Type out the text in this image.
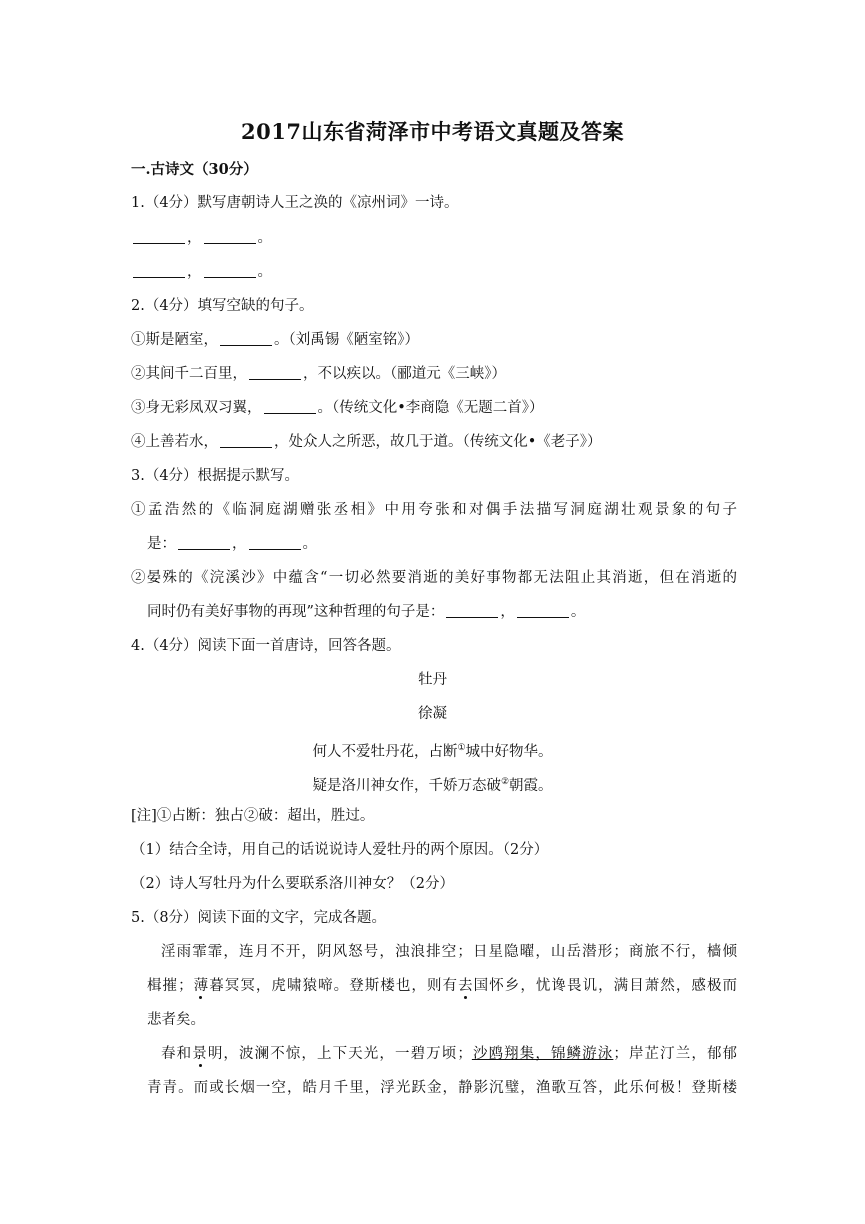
2017山东省菏泽市中考语文真题及答案
一.古诗文（30分）
1.（4分）默写唐朝诗人王之涣的《凉州词》一诗。
，	。
，	。
2.（4分）填写空缺的句子。
①斯是陋室，	。（刘禹锡《陋室铭》）
②其间千二百里，	，不以疾以。（郦道元《三峡》）
③身无彩凤双习翼，	。（传统文化•李商隐《无题二首》）
④上善若水，	，处众人之所恶，故几于道。（传统文化•《老子》）
3.（4分）根据提示默写。
①孟浩然的《临洞庭湖赠张丞相》中用夸张和对偶手法描写洞庭湖壮观景象的句子
是：	，	。
②晏殊的《浣溪沙》中蕴含“一切必然要消逝的美好事物都无法阻止其消逝，但在消逝的
同时仍有美好事物的再现”这种哲理的句子是：	，	。
4.（4分）阅读下面一首唐诗，回答各题。
牡丹
徐凝
何人不爱牡丹花，占断①城中好物华。
疑是洛川神女作，千娇万态破②朝霞。
[注]①占断：独占②破：超出，胜过。
（1）结合全诗，用自己的话说说诗人爱牡丹的两个原因。（2分）
（2）诗人写牡丹为什么要联系洛川神女？（2分）
5.（8分）阅读下面的文字，完成各题。
淫雨霏霏，连月不开，阴风怒号，浊浪排空；日星隐曜，山岳潜形；商旅不行，樯倾
楫摧；薄暮冥冥，虎啸猿啼。登斯楼也，则有去国怀乡，忧谗畏讥，满目萧然，感极而
悲者矣。
春和景明，波澜不惊，上下天光，一碧万顷；沙鸥翔集，锦鳞游泳；岸芷汀兰，郁郁
青青。而或长烟一空，皓月千里，浮光跃金，静影沉璧，渔歌互答，此乐何极！登斯楼
